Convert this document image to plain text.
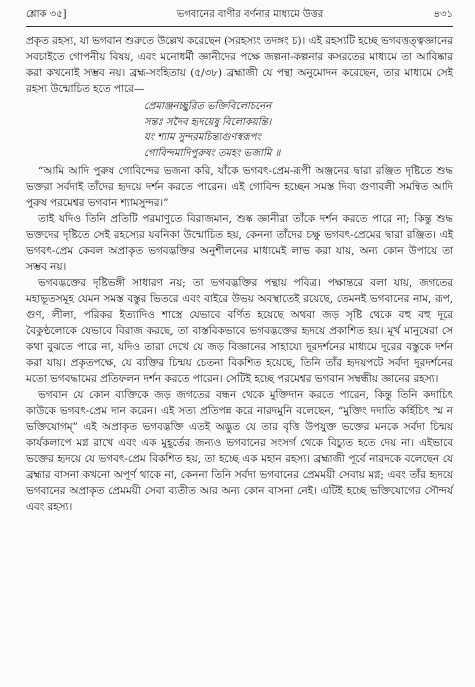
শ্লোক ৩৫]	ভগবানের বাণীর বর্ণনার মাধ্যমে উত্তর	৪৩১

প্রকৃত রহস্য, যা ভগবান শুরুতে উল্লেখ করেছেন (সরহস্যং তদঙ্গং চ)। এই রহস্যটি হচ্ছে ভগবত্তত্ত্বজ্ঞানের সবচাইতে গোপনীয় বিষয়, এবং মনোধর্মী জ্ঞানীদের পক্ষে জল্পনা-কল্পনার কসরতের মাধ্যমে তা আবিষ্কার করা কখনোই সম্ভব নয়। ব্রহ্ম-সংহিতায় (৫/৩৮) ব্রহ্মাজী যে পন্থা অনুমোদন করেছেন, তার মাধ্যমে সেই রহস্য উন্মোচিত হতে পারে—

প্রেমাঞ্জনচ্ছুরিত ভক্তিবিলোচনেন
সন্তঃ সদৈব হৃদয়েষু বিলোকয়ন্তি।
যং শ্যাম সুন্দরমচিন্ত্যগুণস্বরূপং
গোবিন্দমাদিপুরুষং তমহং ভজামি ॥

“আমি আদি পুরুষ গোবিন্দের ভজনা করি, যাঁকে ভগবৎ-প্রেম-রূপী অঞ্জনের দ্বারা রঞ্জিত দৃষ্টিতে শুদ্ধ ভক্তরা সর্বদাই তাঁদের হৃদয়ে দর্শন করতে পারেন। এই গোবিন্দ হচ্ছেন সমস্ত দিব্য গুণাবলী সমন্বিত আদি পুরুষ পরমেশ্বর ভগবান শ্যামসুন্দর।”

তাই যদিও তিনি প্রতিটি পরমাণুতে বিরাজমান, শুষ্ক জ্ঞানীরা তাঁকে দর্শন করতে পারে না; কিন্তু শুদ্ধ ভক্তদের দৃষ্টিতে সেই রহস্যের যবনিকা উন্মোচিত হয়, কেননা তাঁদের চক্ষু ভগবৎ-প্রেমের দ্বারা রঞ্জিত। এই ভগবৎ-প্রেম কেবল অপ্রাকৃত ভগবদ্ভক্তির অনুশীলনের মাধ্যমেই লাভ করা যায়, অন্য কোন উপায়ে তা সম্ভব নয়।

ভগবদ্ভক্তের দৃষ্টিভঙ্গী সাধারণ নয়; তা ভগবদ্ভক্তির পন্থায় পবিত্র। পক্ষান্তরে বলা যায়, জগতের মহাভূতসমূহ যেমন সমস্ত বস্তুর ভিতরে এবং বাইরে উভয় অবস্থাতেই রয়েছে, তেমনই ভগবানের নাম, রূপ, গুণ, লীলা, পরিকর ইত্যাদিও শাস্ত্রে যেভাবে বর্ণিত হয়েছে অথবা জড় সৃষ্টি থেকে বহু বহু দূরে বৈকুণ্ঠলোকে যেভাবে বিরাজ করছে, তা বাস্তবিকভাবে ভগবদ্ভক্তের হৃদয়ে প্রকাশিত হয়। মূর্খ মানুষেরা সে কথা বুঝতে পারে না, যদিও তারা দেখে যে জড় বিজ্ঞানের সাহায্যে দূরদর্শনের মাধ্যমে দূরের বস্তুকে দর্শন করা যায়। প্রকৃতপক্ষে, যে ব্যক্তির চিন্ময় চেতনা বিকশিত হয়েছে, তিনি তাঁর হৃদয়পটে সর্বদা দূরদর্শনের মতো ভগবদ্ধামের প্রতিফলন দর্শন করতে পারেন। সেটিই হচ্ছে পরমেশ্বর ভগবান সম্বন্ধীয় জ্ঞানের রহস্য।

ভগবান যে কোন ব্যক্তিকে জড় জগতের বন্ধন থেকে মুক্তিদান করতে পারেন, কিন্তু তিনি কদাচিৎ কাউকে ভগবৎ-প্রেম দান করেন। এই সত্য প্রতিপন্ন করে নারদমুনি বলেছেন, “মুক্তিং দদাতি কর্হিচিৎ স্ম ন ভক্তিযোগম্” এই অপ্রাকৃত ভগবদ্ভক্তি এতই অদ্ভুত যে তার বৃত্তি উপযুক্ত ভক্তের মনকে সর্বদা চিন্ময় কার্যকলাপে মগ্ন রাখে এবং এক মুহূর্তের জন্যও ভগবানের সংসর্গ থেকে বিচ্যুত হতে দেয় না। এইভাবে ভক্তের হৃদয়ে যে ভগবৎ-প্রেম বিকশিত হয়, তা হচ্ছে এক মহান রহস্য। ব্রহ্মাজী পূর্বে নারদকে বলেছেন যে ব্রহ্মার বাসনা কখনো অপূর্ণ থাকে না, কেননা তিনি সর্বদা ভগবানের প্রেমময়ী সেবায় মগ্ন; এবং তাঁর হৃদয়ে ভগবানের অপ্রাকৃত প্রেমময়ী সেবা ব্যতীত আর অন্য কোন বাসনা নেই। এটিই হচ্ছে ভক্তিযোগের সৌন্দর্য এবং রহস্য।
